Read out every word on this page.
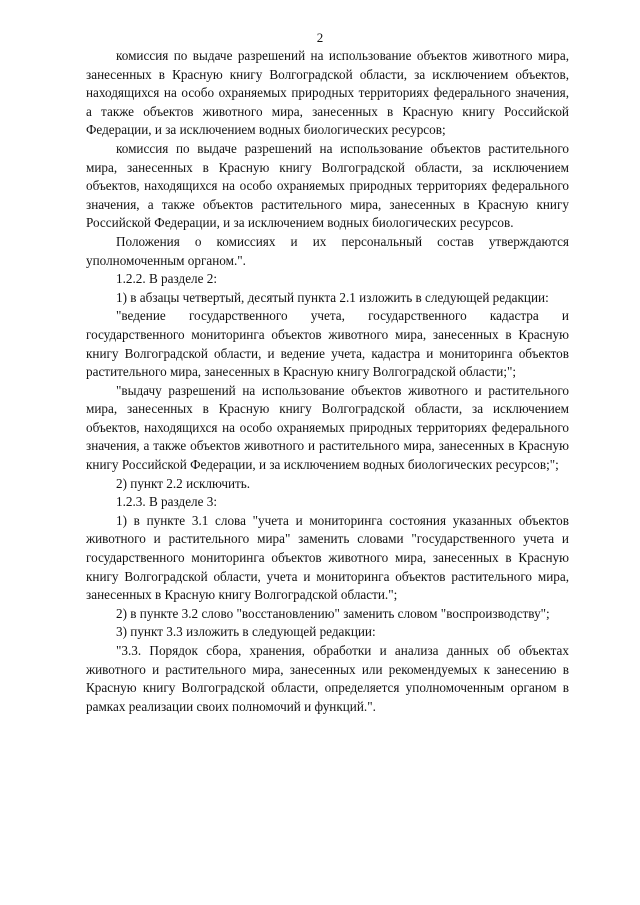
2

комиссия по выдаче разрешений на использование объектов животного мира, занесенных в Красную книгу Волгоградской области, за исключением объектов, находящихся на особо охраняемых природных территориях федерального значения, а также объектов животного мира, занесенных в Красную книгу Российской Федерации, и за исключением водных биологических ресурсов;

комиссия по выдаче разрешений на использование объектов растительного мира, занесенных в Красную книгу Волгоградской области, за исключением объектов, находящихся на особо охраняемых природных территориях федерального значения, а также объектов растительного мира, занесенных в Красную книгу Российской Федерации, и за исключением водных биологических ресурсов.

Положения о комиссиях и их персональный состав утверждаются уполномоченным органом.".

1.2.2. В разделе 2:

1) в абзацы четвертый, десятый пункта 2.1 изложить в следующей редакции:

"ведение государственного учета, государственного кадастра и государственного мониторинга объектов животного мира, занесенных в Красную книгу Волгоградской области, и ведение учета, кадастра и мониторинга объектов растительного мира, занесенных в Красную книгу Волгоградской области;";

"выдачу разрешений на использование объектов животного и растительного мира, занесенных в Красную книгу Волгоградской области, за исключением объектов, находящихся на особо охраняемых природных территориях федерального значения, а также объектов животного и растительного мира, занесенных в Красную книгу Российской Федерации, и за исключением водных биологических ресурсов;";

2) пункт 2.2 исключить.

1.2.3. В разделе 3:

1) в пункте 3.1 слова "учета и мониторинга состояния указанных объектов животного и растительного мира" заменить словами "государственного учета и государственного мониторинга объектов животного мира, занесенных в Красную книгу Волгоградской области, учета и мониторинга объектов растительного мира, занесенных в Красную книгу Волгоградской области.";

2) в пункте 3.2 слово "восстановлению" заменить словом "воспроизводству";

3) пункт 3.3 изложить в следующей редакции:

"3.3. Порядок сбора, хранения, обработки и анализа данных об объектах животного и растительного мира, занесенных или рекомендуемых к занесению в Красную книгу Волгоградской области, определяется уполномоченным органом в рамках реализации своих полномочий и функций.".
